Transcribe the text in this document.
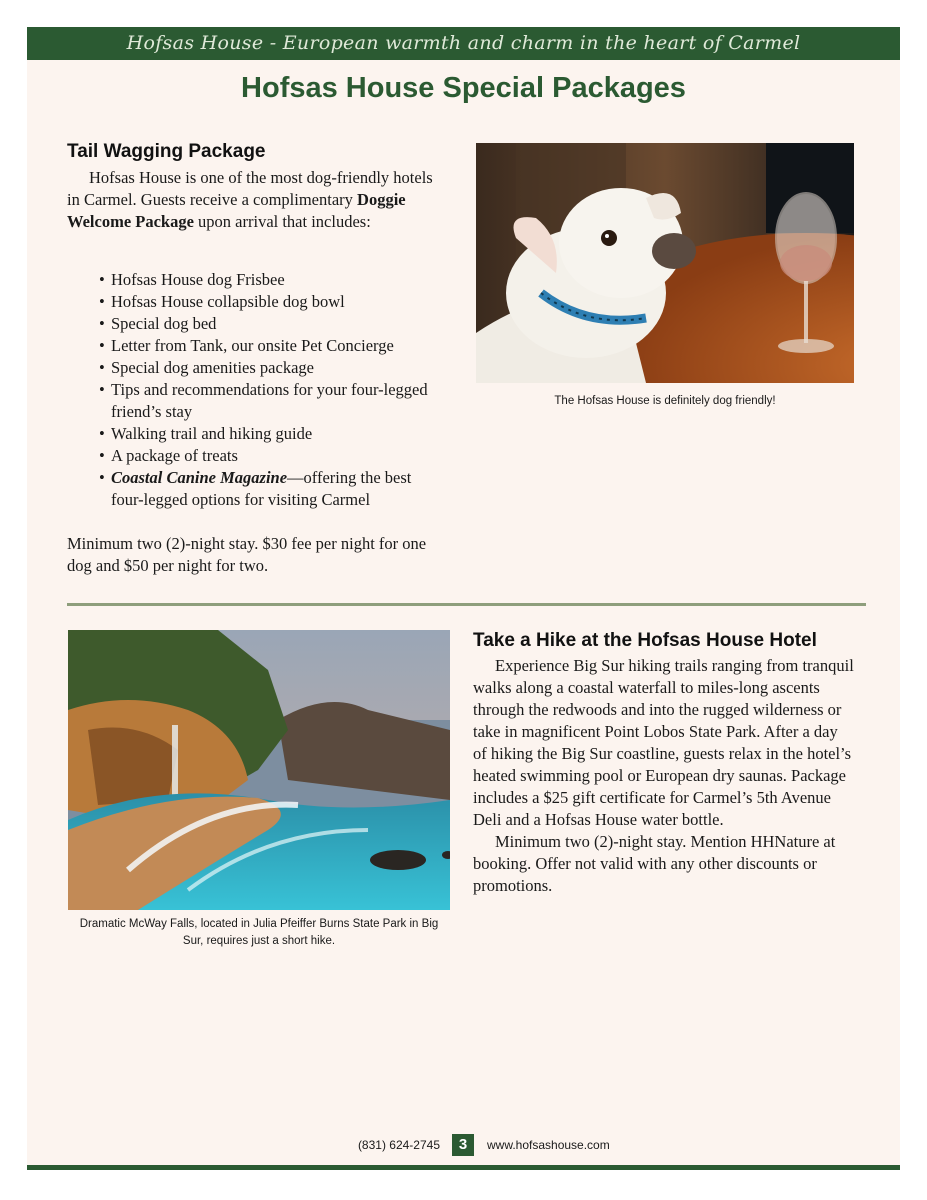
Hofsas House - European warmth and charm in the heart of Carmel
Hofsas House Special Packages
Tail Wagging Package

Hofsas House is one of the most dog-friendly hotels in Carmel. Guests receive a complimentary Doggie Welcome Package upon arrival that includes:

• Hofsas House dog Frisbee
• Hofsas House collapsible dog bowl
• Special dog bed
• Letter from Tank, our onsite Pet Concierge
• Special dog amenities package
• Tips and recommendations for your four-legged friend’s stay
• Walking trail and hiking guide
• A package of treats
• Coastal Canine Magazine—offering the best four-legged options for visiting Carmel

Minimum two (2)-night stay. $30 fee per night for one dog and $50 per night for two.

The Hofsas House is definitely dog friendly!
Dramatic McWay Falls, located in Julia Pfeiffer Burns State Park in Big Sur, requires just a short hike.
Take a Hike at the Hofsas House Hotel

Experience Big Sur hiking trails ranging from tranquil walks along a coastal waterfall to miles-long ascents through the redwoods and into the rugged wilderness or take in magnificent Point Lobos State Park. After a day of hiking the Big Sur coastline, guests relax in the hotel’s heated swimming pool or European dry saunas. Package includes a $25 gift certificate for Carmel’s 5th Avenue Deli and a Hofsas House water bottle.

Minimum two (2)-night stay. Mention HHNature at booking. Offer not valid with any other discounts or promotions.

(831) 624-2745	3	www.hofsashouse.com
